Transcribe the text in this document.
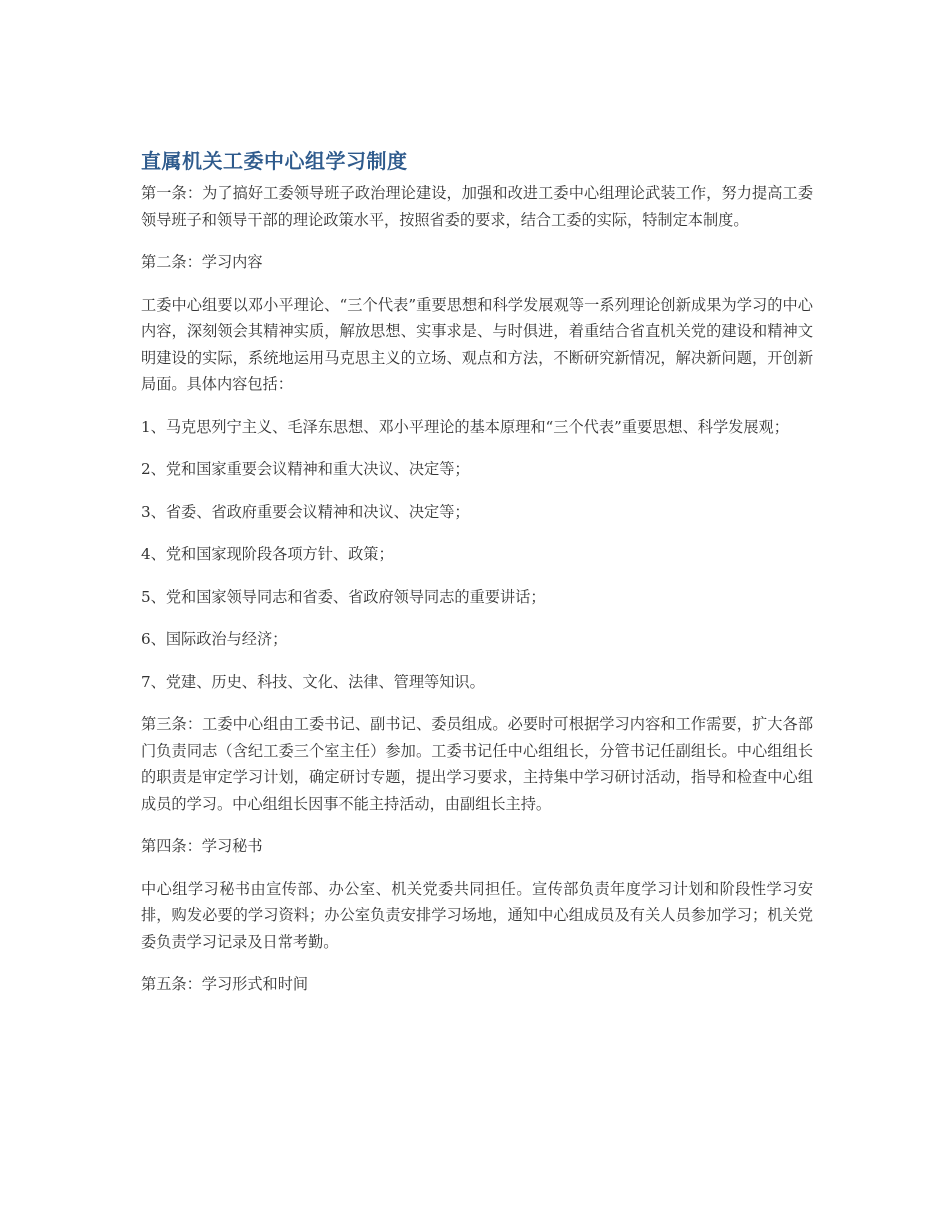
直属机关工委中心组学习制度

第一条：为了搞好工委领导班子政治理论建设，加强和改进工委中心组理论武装工作，努力提高工委领导班子和领导干部的理论政策水平，按照省委的要求，结合工委的实际，特制定本制度。

第二条：学习内容

工委中心组要以邓小平理论、“三个代表”重要思想和科学发展观等一系列理论创新成果为学习的中心内容，深刻领会其精神实质，解放思想、实事求是、与时俱进，着重结合省直机关党的建设和精神文明建设的实际，系统地运用马克思主义的立场、观点和方法，不断研究新情况，解决新问题，开创新局面。具体内容包括：

1、马克思列宁主义、毛泽东思想、邓小平理论的基本原理和“三个代表”重要思想、科学发展观；

2、党和国家重要会议精神和重大决议、决定等；

3、省委、省政府重要会议精神和决议、决定等；

4、党和国家现阶段各项方针、政策；

5、党和国家领导同志和省委、省政府领导同志的重要讲话；

6、国际政治与经济；

7、党建、历史、科技、文化、法律、管理等知识。

第三条：工委中心组由工委书记、副书记、委员组成。必要时可根据学习内容和工作需要，扩大各部门负责同志（含纪工委三个室主任）参加。工委书记任中心组组长，分管书记任副组长。中心组组长的职责是审定学习计划，确定研讨专题，提出学习要求，主持集中学习研讨活动，指导和检查中心组成员的学习。中心组组长因事不能主持活动，由副组长主持。

第四条：学习秘书

中心组学习秘书由宣传部、办公室、机关党委共同担任。宣传部负责年度学习计划和阶段性学习安排，购发必要的学习资料；办公室负责安排学习场地，通知中心组成员及有关人员参加学习；机关党委负责学习记录及日常考勤。

第五条：学习形式和时间
